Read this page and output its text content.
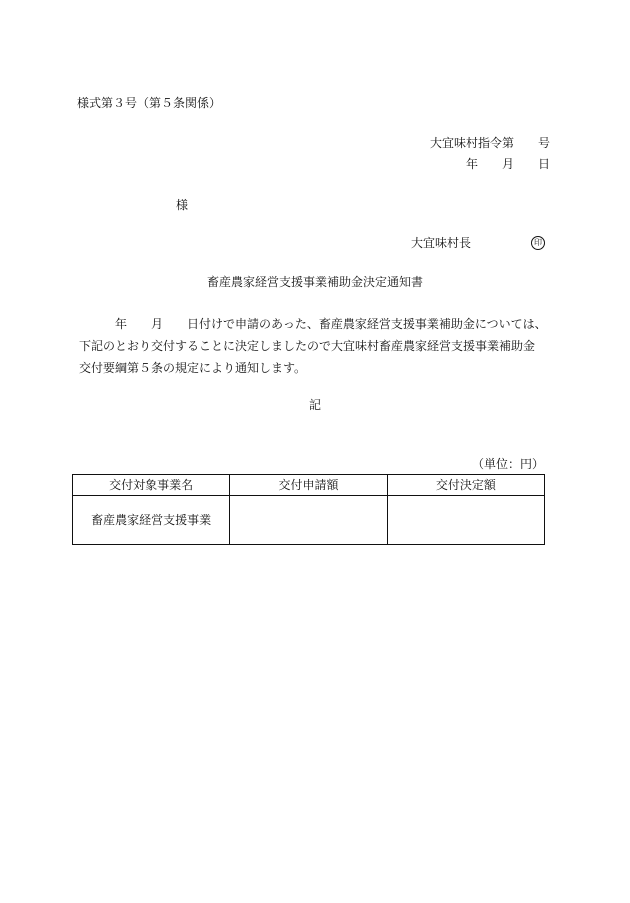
様式第３号（第５条関係）
大宜味村指令第　　号
年　　月　　日
様
大宜味村長	印
畜産農家経営支援事業補助金決定通知書
　　　年　　月　　日付けで申請のあった、畜産農家経営支援事業補助金については、
下記のとおり交付することに決定しましたので大宜味村畜産農家経営支援事業補助金
交付要綱第５条の規定により通知します。
記
（単位：円）
交付対象事業名	交付申請額	交付決定額
畜産農家経営支援事業		
